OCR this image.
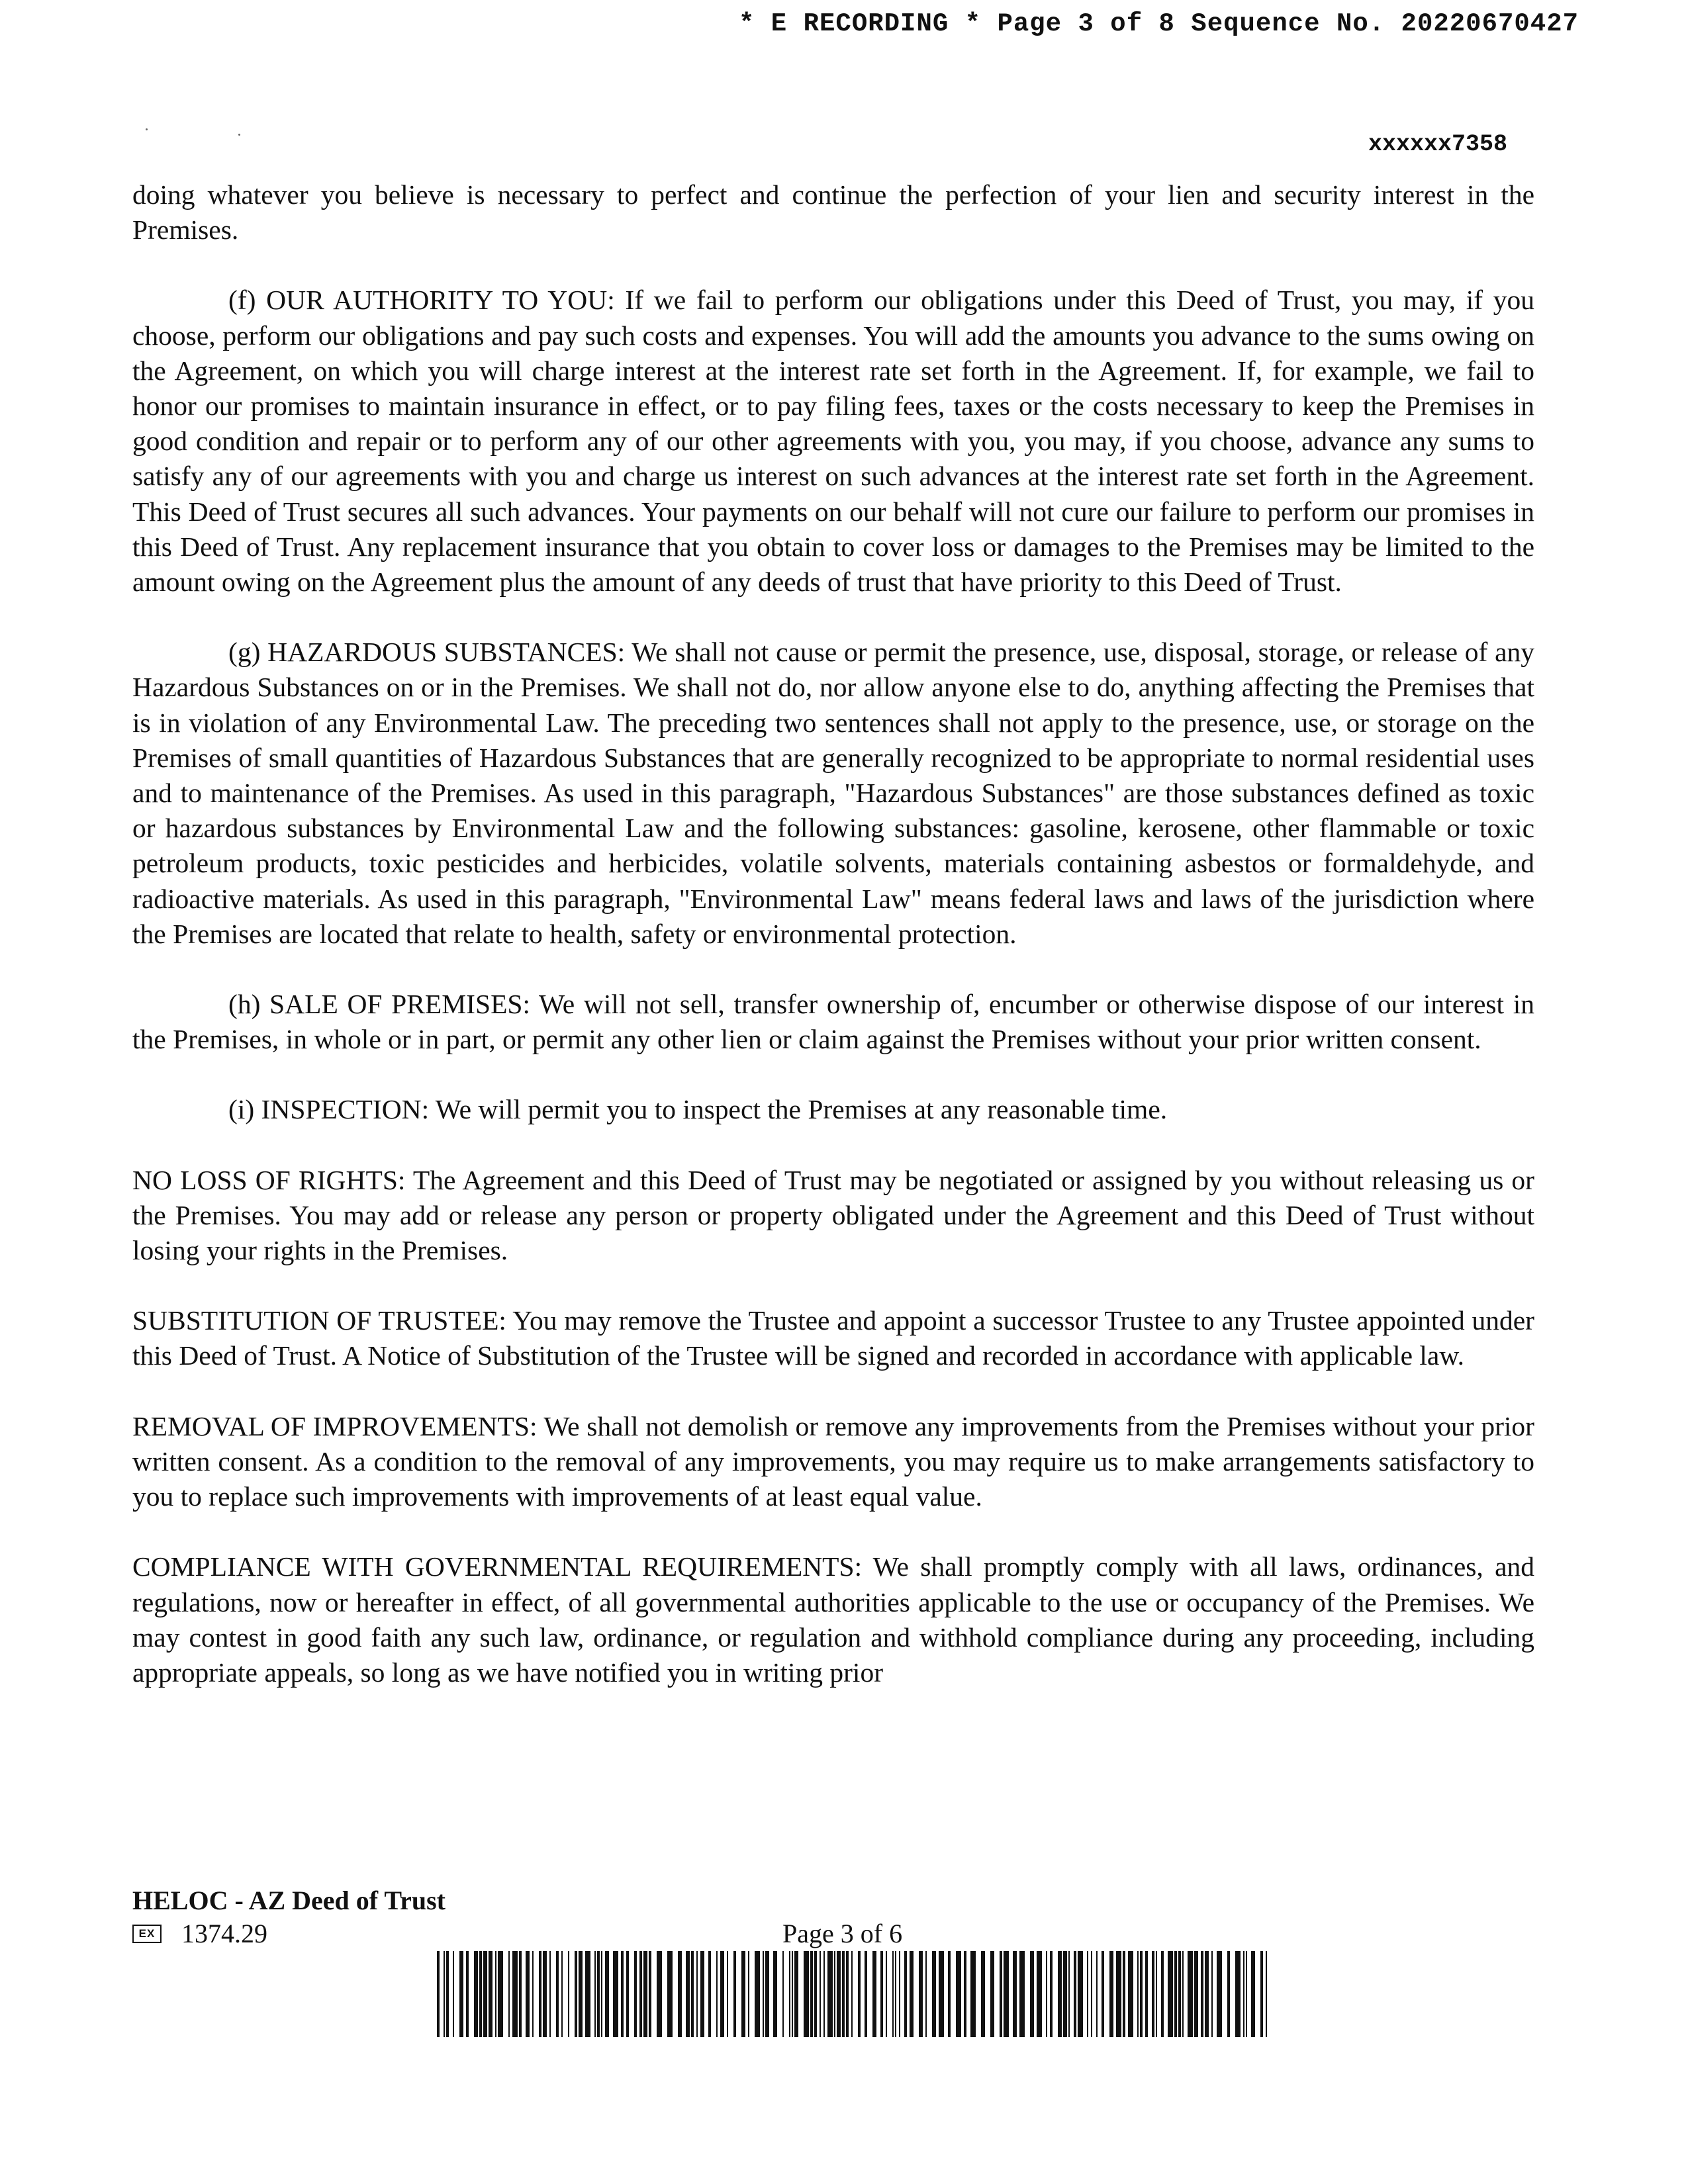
* E RECORDING * Page 3 of 8 Sequence No. 20220670427
xxxxxx7358

doing whatever you believe is necessary to perfect and continue the perfection of your lien and security interest in the Premises.

(f) OUR AUTHORITY TO YOU: If we fail to perform our obligations under this Deed of Trust, you may, if you choose, perform our obligations and pay such costs and expenses. You will add the amounts you advance to the sums owing on the Agreement, on which you will charge interest at the interest rate set forth in the Agreement. If, for example, we fail to honor our promises to maintain insurance in effect, or to pay filing fees, taxes or the costs necessary to keep the Premises in good condition and repair or to perform any of our other agreements with you, you may, if you choose, advance any sums to satisfy any of our agreements with you and charge us interest on such advances at the interest rate set forth in the Agreement. This Deed of Trust secures all such advances. Your payments on our behalf will not cure our failure to perform our promises in this Deed of Trust. Any replacement insurance that you obtain to cover loss or damages to the Premises may be limited to the amount owing on the Agreement plus the amount of any deeds of trust that have priority to this Deed of Trust.

(g) HAZARDOUS SUBSTANCES: We shall not cause or permit the presence, use, disposal, storage, or release of any Hazardous Substances on or in the Premises. We shall not do, nor allow anyone else to do, anything affecting the Premises that is in violation of any Environmental Law. The preceding two sentences shall not apply to the presence, use, or storage on the Premises of small quantities of Hazardous Substances that are generally recognized to be appropriate to normal residential uses and to maintenance of the Premises. As used in this paragraph, "Hazardous Substances" are those substances defined as toxic or hazardous substances by Environmental Law and the following substances: gasoline, kerosene, other flammable or toxic petroleum products, toxic pesticides and herbicides, volatile solvents, materials containing asbestos or formaldehyde, and radioactive materials. As used in this paragraph, "Environmental Law" means federal laws and laws of the jurisdiction where the Premises are located that relate to health, safety or environmental protection.

(h) SALE OF PREMISES: We will not sell, transfer ownership of, encumber or otherwise dispose of our interest in the Premises, in whole or in part, or permit any other lien or claim against the Premises without your prior written consent.

(i) INSPECTION: We will permit you to inspect the Premises at any reasonable time.

NO LOSS OF RIGHTS: The Agreement and this Deed of Trust may be negotiated or assigned by you without releasing us or the Premises. You may add or release any person or property obligated under the Agreement and this Deed of Trust without losing your rights in the Premises.

SUBSTITUTION OF TRUSTEE: You may remove the Trustee and appoint a successor Trustee to any Trustee appointed under this Deed of Trust. A Notice of Substitution of the Trustee will be signed and recorded in accordance with applicable law.

REMOVAL OF IMPROVEMENTS: We shall not demolish or remove any improvements from the Premises without your prior written consent. As a condition to the removal of any improvements, you may require us to make arrangements satisfactory to you to replace such improvements with improvements of at least equal value.

COMPLIANCE WITH GOVERNMENTAL REQUIREMENTS: We shall promptly comply with all laws, ordinances, and regulations, now or hereafter in effect, of all governmental authorities applicable to the use or occupancy of the Premises. We may contest in good faith any such law, ordinance, or regulation and withhold compliance during any proceeding, including appropriate appeals, so long as we have notified you in writing prior

HELOC - AZ Deed of Trust
EX 1374.29	Page 3 of 6
